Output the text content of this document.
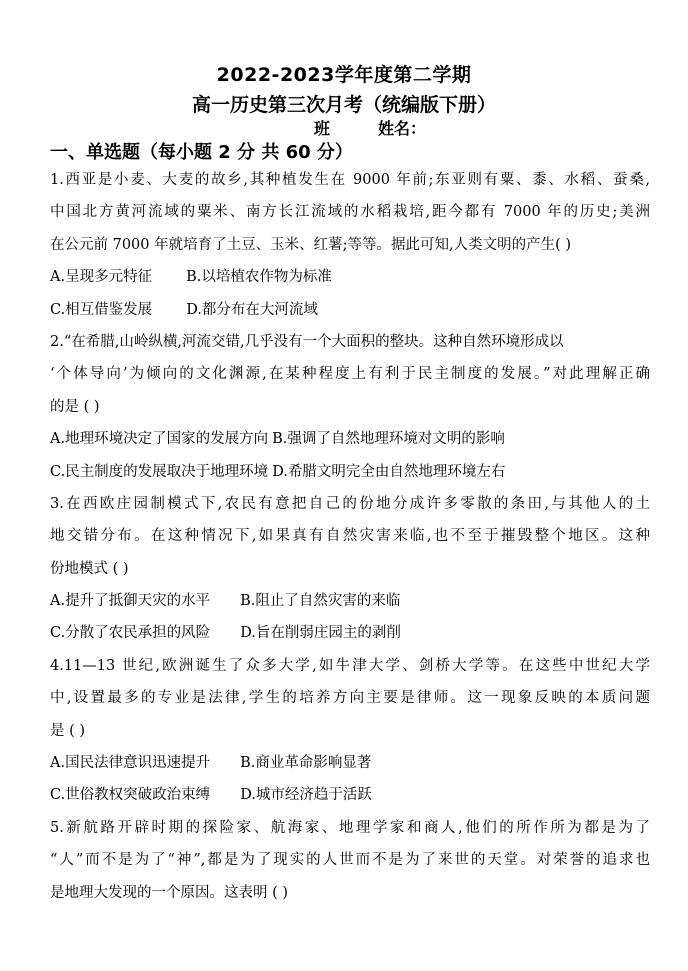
2022-2023学年度第二学期
高一历史第三次月考（统编版下册）
班	姓名：
一、单选题（每小题 2 分 共 60 分）
1.西亚是小麦、大麦的故乡,其种植发生在 9000 年前;东亚则有粟、黍、水稻、蚕桑,
中国北方黄河流域的粟米、南方长江流域的水稻栽培,距今都有 7000 年的历史;美洲
在公元前 7000 年就培育了土豆、玉米、红薯;等等。据此可知,人类文明的产生( )
A.呈现多元特征 B.以培植农作物为标准
C.相互借鉴发展 D.都分布在大河流域
2.“在希腊,山岭纵横,河流交错,几乎没有一个大面积的整块。这种自然环境形成以
‘个体导向’为倾向的文化渊源,在某种程度上有利于民主制度的发展。”对此理解正确
的是 ( )
A.地理环境决定了国家的发展方向 B.强调了自然地理环境对文明的影响
C.民主制度的发展取决于地理环境 D.希腊文明完全由自然地理环境左右
3.在西欧庄园制模式下,农民有意把自己的份地分成许多零散的条田,与其他人的土
地交错分布。在这种情况下,如果真有自然灾害来临,也不至于摧毁整个地区。这种
份地模式 ( )
A.提升了抵御天灾的水平 B.阻止了自然灾害的来临
C.分散了农民承担的风险 D.旨在削弱庄园主的剥削
4.11—13 世纪,欧洲诞生了众多大学,如牛津大学、剑桥大学等。在这些中世纪大学
中,设置最多的专业是法律,学生的培养方向主要是律师。这一现象反映的本质问题
是 ( )
A.国民法律意识迅速提升 B.商业革命影响显著
C.世俗教权突破政治束缚 D.城市经济趋于活跃
5.新航路开辟时期的探险家、航海家、地理学家和商人,他们的所作所为都是为了
“人”而不是为了“神”,都是为了现实的人世而不是为了来世的天堂。对荣誉的追求也
是地理大发现的一个原因。这表明 ( )
